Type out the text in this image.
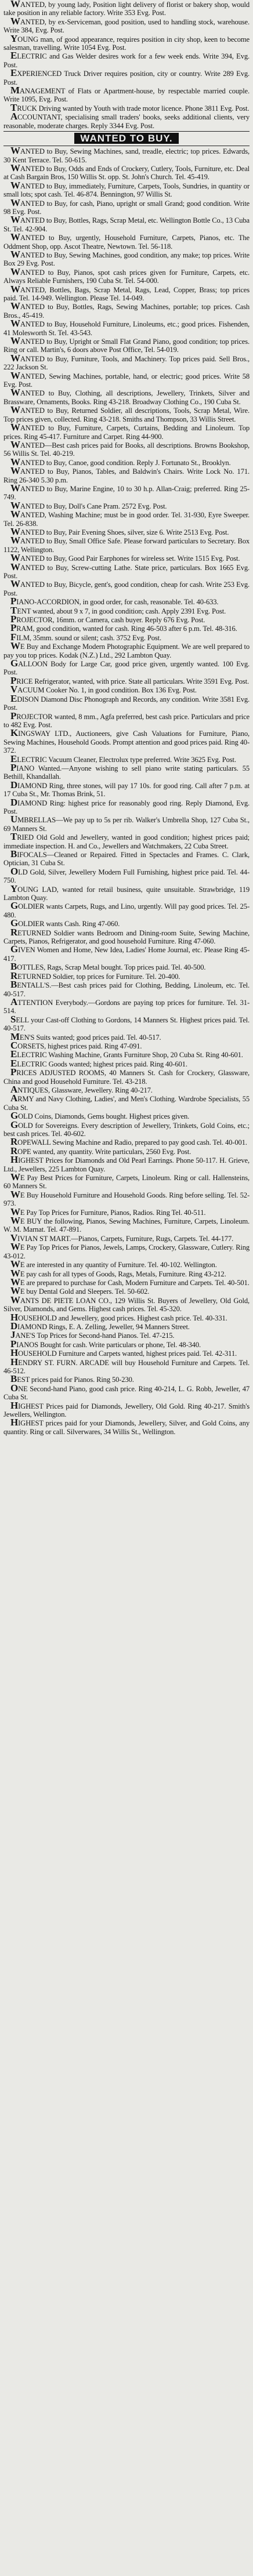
WANTED, by young lady, Position light delivery of florist or bakery shop, would take position in any reliable factory. Write 353 Evg. Post.

WANTED, by ex-Serviceman, good position, used to handling stock, warehouse. Write 384, Evg. Post.

YOUNG man, of good appearance, requires position in city shop, keen to become salesman, travelling. Write 1054 Evg. Post.

ELECTRIC and Gas Welder desires work for a few week ends. Write 394, Evg. Post.

EXPERIENCED Truck Driver requires position, city or country. Write 289 Evg. Post.

MANAGEMENT of Flats or Apartment-house, by respectable married couple. Write 1095, Evg. Post.

TRUCK Driving wanted by Youth with trade motor licence. Phone 3811 Evg. Post.

ACCOUNTANT, specialising small traders' books, seeks additional clients, very reasonable, moderate charges. Reply 3344 Evg. Post.

WANTED TO BUY.

WANTED to Buy, Sewing Machines, sand, treadle, electric; top prices. Edwards, 30 Kent Terrace. Tel. 50-615.

WANTED to Buy, Odds and Ends of Crockery, Cutlery, Tools, Furniture, etc. Deal at Cash Bargain Bros, 150 Willis St. opp. St. John's Church. Tel. 45-419.

WANTED to Buy, immediately, Furniture, Carpets, Tools, Sundries, in quantity or small lots; spot cash. Tel. 46-874. Bennington, 97 Willis St.

WANTED to Buy, for cash, Piano, upright or small Grand; good condition. Write 98 Evg. Post.

WANTED to Buy, Bottles, Rags, Scrap Metal, etc. Wellington Bottle Co., 13 Cuba St. Tel. 42-904.

WANTED to Buy, urgently, Household Furniture, Carpets, Pianos, etc. The Oddment Shop, opp. Ascot Theatre, Newtown. Tel. 56-118.

WANTED to Buy, Sewing Machines, good condition, any make; top prices. Write Box 29 Evg. Post.

WANTED to Buy, Pianos, spot cash prices given for Furniture, Carpets, etc. Always Reliable Furnishers, 190 Cuba St. Tel. 54-000.

WANTED, Bottles, Bags, Scrap Metal, Rags, Lead, Copper, Brass; top prices paid. Tel. 14-949. Wellington. Please Tel. 14-049.

WANTED to Buy, Bottles, Rags, Sewing Machines, portable; top prices. Cash Bros., 45-419.

WANTED to Buy, Household Furniture, Linoleums, etc.; good prices. Fishenden, 41 Molesworth St. Tel. 43-543.

WANTED to Buy, Upright or Small Flat Grand Piano, good condition; top prices. Ring or call. Martin's, 6 doors above Post Office, Tel. 54-019.

WANTED to Buy, Furniture, Tools, and Machinery. Top prices paid. Sell Bros., 222 Jackson St.

WANTED, Sewing Machines, portable, hand, or electric; good prices. Write 58 Evg. Post.

WANTED to Buy, Clothing, all descriptions, Jewellery, Trinkets, Silver and Brassware, Ornaments, Books. Ring 43-218. Broadway Clothing Co., 190 Cuba St.

WANTED to Buy, Returned Soldier, all descriptions, Tools, Scrap Metal, Wire. Top prices given, collected. Ring 43-218. Smiths and Thompson, 33 Willis Street.

WANTED to Buy, Furniture, Carpets, Curtains, Bedding and Linoleum. Top prices. Ring 45-417. Furniture and Carpet. Ring 44-900.

WANTED—Best cash prices paid for Books, all descriptions. Browns Bookshop, 56 Willis St. Tel. 40-219.

WANTED to Buy, Canoe, good condition. Reply J. Fortunato St., Brooklyn.

WANTED to Buy, Pianos, Tables, and Baldwin's Chairs. Write Lock No. 171. Ring 26-340 5.30 p.m.

WANTED to Buy, Marine Engine, 10 to 30 h.p. Allan-Craig; preferred. Ring 25-749.

WANTED to Buy, Doll's Cane Pram. 2572 Evg. Post.

WANTED, Washing Machine; must be in good order. Tel. 31-930, Eyre Sweeper. Tel. 26-838.

WANTED to Buy, Pair Evening Shoes, silver, size 6. Write 2513 Evg. Post.

WANTED to Buy, Small Office Safe. Please forward particulars to Secretary. Box 1122, Wellington.

WANTED to Buy, Good Pair Earphones for wireless set. Write 1515 Evg. Post.

WANTED to Buy, Screw-cutting Lathe. State price, particulars. Box 1665 Evg. Post.

WANTED to Buy, Bicycle, gent's, good condition, cheap for cash. Write 253 Evg. Post.

PIANO-ACCORDION, in good order, for cash, reasonable. Tel. 40-633.

TENT wanted, about 9 x 7, in good condition; cash. Apply 2391 Evg. Post.

PROJECTOR, 16mm. or Camera, cash buyer. Reply 676 Evg. Post.

PRAM, good condition, wanted for cash. Ring 46-503 after 6 p.m. Tel. 48-316.

FILM, 35mm. sound or silent; cash. 3752 Evg. Post.

WE Buy and Exchange Modern Photographic Equipment. We are well prepared to pay you top prices. Kodak (N.Z.) Ltd., 292 Lambton Quay.

GALLOON Body for Large Car, good price given, urgently wanted. 100 Evg. Post.

PRICE Refrigerator, wanted, with price. State all particulars. Write 3591 Evg. Post.

VACUUM Cooker No. 1, in good condition. Box 136 Evg. Post.

EDISON Diamond Disc Phonograph and Records, any condition. Write 3581 Evg. Post.

PROJECTOR wanted, 8 mm., Agfa preferred, best cash price. Particulars and price to 482 Evg. Post.

KINGSWAY LTD., Auctioneers, give Cash Valuations for Furniture, Piano, Sewing Machines, Household Goods. Prompt attention and good prices paid. Ring 40-372.

ELECTRIC Vacuum Cleaner, Electrolux type preferred. Write 3625 Evg. Post.

PIANO Wanted.—Anyone wishing to sell piano write stating particulars. 55 Bethill, Khandallah.

DIAMOND Ring, three stones, will pay 17 10s. for good ring. Call after 7 p.m. at 17 Cuba St., Mr. Thomas Brink, 51.

DIAMOND Ring: highest price for reasonably good ring. Reply Diamond, Evg. Post.

UMBRELLAS—We pay up to 5s per rib. Walker's Umbrella Shop, 127 Cuba St., 69 Manners St.

TRIED Old Gold and Jewellery, wanted in good condition; highest prices paid; immediate inspection. H. and Co., Jewellers and Watchmakers, 22 Cuba Street.

BIFOCALS—Cleaned or Repaired. Fitted in Spectacles and Frames. C. Clark, Optician, 31 Cuba St.

OLD Gold, Silver, Jewellery Modern Full Furnishing, highest price paid. Tel. 44-750.

YOUNG LAD, wanted for retail business, quite unsuitable. Strawbridge, 119 Lambton Quay.

GOLDIER wants Carpets, Rugs, and Lino, urgently. Will pay good prices. Tel. 25-480.

GOLDIER wants Cash. Ring 47-060.

RETURNED Soldier wants Bedroom and Dining-room Suite, Sewing Machine, Carpets, Pianos, Refrigerator, and good household Furniture. Ring 47-060.

GIVEN Women and Home, New Idea, Ladies' Home Journal, etc. Please Ring 45-417.

BOTTLES, Rags, Scrap Metal bought. Top prices paid. Tel. 40-500.

RETURNED Soldier, top prices for Furniture. Tel. 20-400.

BENTALL'S.—Best cash prices paid for Clothing, Bedding, Linoleum, etc. Tel. 40-517.

ATTENTION Everybody.—Gordons are paying top prices for furniture. Tel. 31-514.

SELL your Cast-off Clothing to Gordons, 14 Manners St. Highest prices paid. Tel. 40-517.

MEN'S Suits wanted; good prices paid. Tel. 40-517.

CORSETS, highest prices paid. Ring 47-091.

ELECTRIC Washing Machine, Grants Furniture Shop, 20 Cuba St. Ring 40-601.

ELECTRIC Goods wanted; highest prices paid. Ring 40-601.

PRICES ADJUSTED ROOMS, 40 Manners St. Cash for Crockery, Glassware, China and good Household Furniture. Tel. 43-218.

ANTIQUES, Glassware, Jewellery. Ring 40-217.

ARMY and Navy Clothing, Ladies', and Men's Clothing. Wardrobe Specialists, 55 Cuba St.

GOLD Coins, Diamonds, Gems bought. Highest prices given.

GOLD for Sovereigns. Every description of Jewellery, Trinkets, Gold Coins, etc.; best cash prices. Tel. 40-602.

ROPEWALL Sewing Machine and Radio, prepared to pay good cash. Tel. 40-001.

ROPE wanted, any quantity. Write particulars, 2560 Evg. Post.

HIGHEST Prices for Diamonds and Old Pearl Earrings. Phone 50-117. H. Grieve, Ltd., Jewellers, 225 Lambton Quay.

WE Pay Best Prices for Furniture, Carpets, Linoleum. Ring or call. Hallensteins, 60 Manners St.

WE Buy Household Furniture and Household Goods. Ring before selling. Tel. 52-973.

WE Pay Top Prices for Furniture, Pianos, Radios. Ring Tel. 40-511.

WE BUY the following, Pianos, Sewing Machines, Furniture, Carpets, Linoleum. W. M. Marnat. Tel. 47-891.

VIVIAN ST MART.—Pianos, Carpets, Furniture, Rugs, Carpets. Tel. 44-177.

WE Pay Top Prices for Pianos, Jewels, Lamps, Crockery, Glassware, Cutlery. Ring 43-012.

WE are interested in any quantity of Furniture. Tel. 40-102. Wellington.

WE pay cash for all types of Goods, Rags, Metals, Furniture. Ring 43-212.

WE are prepared to purchase for Cash, Modern Furniture and Carpets. Tel. 40-501.

WE buy Dental Gold and Sleepers. Tel. 50-602.

WANTS DE PIETE LOAN CO., 129 Willis St. Buyers of Jewellery, Old Gold, Silver, Diamonds, and Gems. Highest cash prices. Tel. 45-320.

HOUSEHOLD and Jewellery, good prices. Highest cash price. Tel. 40-331.

DIAMOND Rings, E. A. Zelling, Jeweller, 94 Manners Street.

JANE'S Top Prices for Second-hand Pianos. Tel. 47-215.

PIANOS Bought for cash. Write particulars or phone, Tel. 48-340.

HOUSEHOLD Furniture and Carpets wanted, highest prices paid. Tel. 42-311.

HENDRY ST. FURN. ARCADE will buy Household Furniture and Carpets. Tel. 46-512.

BEST prices paid for Pianos. Ring 50-230.

ONE Second-hand Piano, good cash price. Ring 40-214, L. G. Robb, Jeweller, 47 Cuba St.

HIGHEST Prices paid for Diamonds, Jewellery, Old Gold. Ring 40-217. Smith's Jewellers, Wellington.

HIGHEST prices paid for your Diamonds, Jewellery, Silver, and Gold Coins, any quantity. Ring or call. Silverwares, 34 Willis St., Wellington.
